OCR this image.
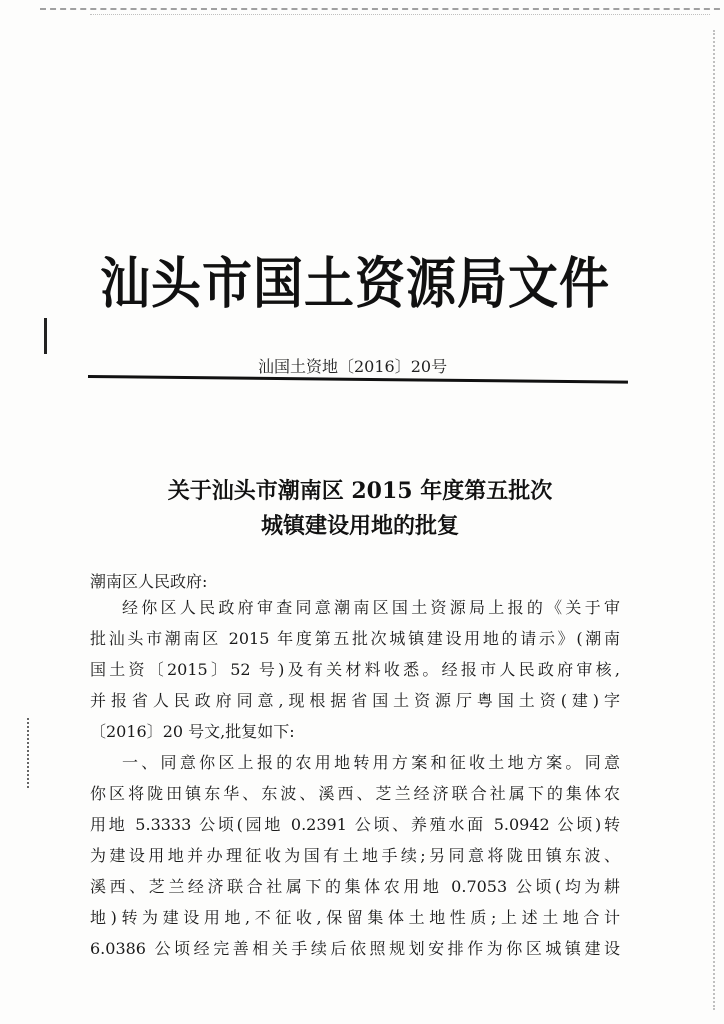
汕头市国土资源局文件
汕国土资地〔2016〕20号
关于汕头市潮南区 2015 年度第五批次
城镇建设用地的批复
潮南区人民政府:
经你区人民政府审查同意潮南区国土资源局上报的《关于审
批汕头市潮南区 2015 年度第五批次城镇建设用地的请示》(潮南
国土资〔2015〕52 号)及有关材料收悉。经报市人民政府审核,
并报省人民政府同意,现根据省国土资源厅粤国土资(建)字
〔2016〕20 号文,批复如下:
一、同意你区上报的农用地转用方案和征收土地方案。同意
你区将陇田镇东华、东波、溪西、芝兰经济联合社属下的集体农
用地 5.3333 公顷(园地 0.2391 公顷、养殖水面 5.0942 公顷)转
为建设用地并办理征收为国有土地手续;另同意将陇田镇东波、
溪西、芝兰经济联合社属下的集体农用地 0.7053 公顷(均为耕
地)转为建设用地,不征收,保留集体土地性质;上述土地合计
6.0386 公顷经完善相关手续后依照规划安排作为你区城镇建设
